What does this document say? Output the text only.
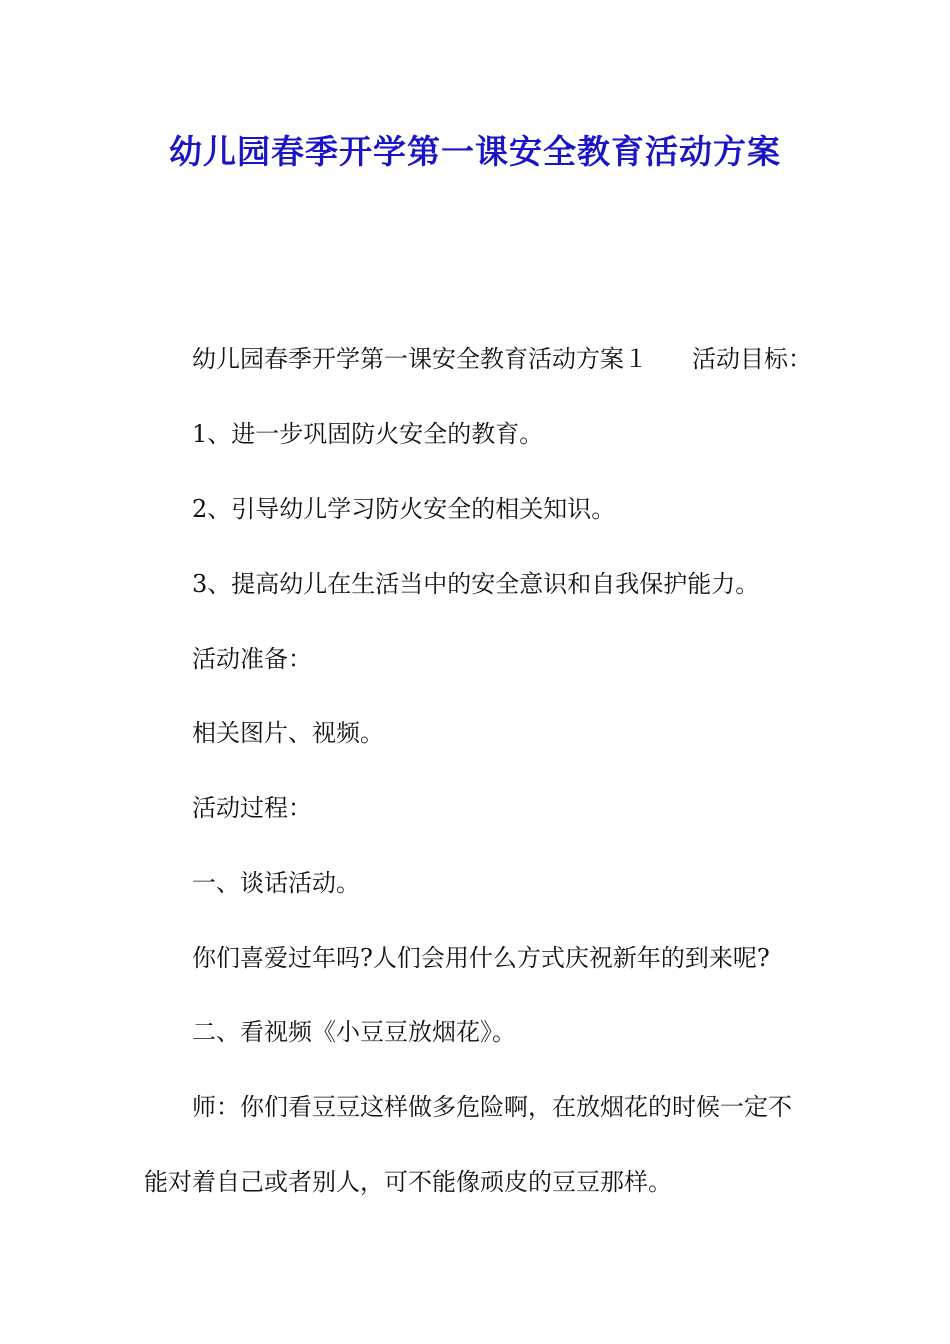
幼儿园春季开学第一课安全教育活动方案

幼儿园春季开学第一课安全教育活动方案１ 活动目标：

1、进一步巩固防火安全的教育。

2、引导幼儿学习防火安全的相关知识。

3、提高幼儿在生活当中的安全意识和自我保护能力。

活动准备：

相关图片、视频。

活动过程：

一、谈话活动。

你们喜爱过年吗?人们会用什么方式庆祝新年的到来呢?

二、看视频《小豆豆放烟花》。

师：你们看豆豆这样做多危险啊，在放烟花的时候一定不

能对着自己或者别人，可不能像顽皮的豆豆那样。
